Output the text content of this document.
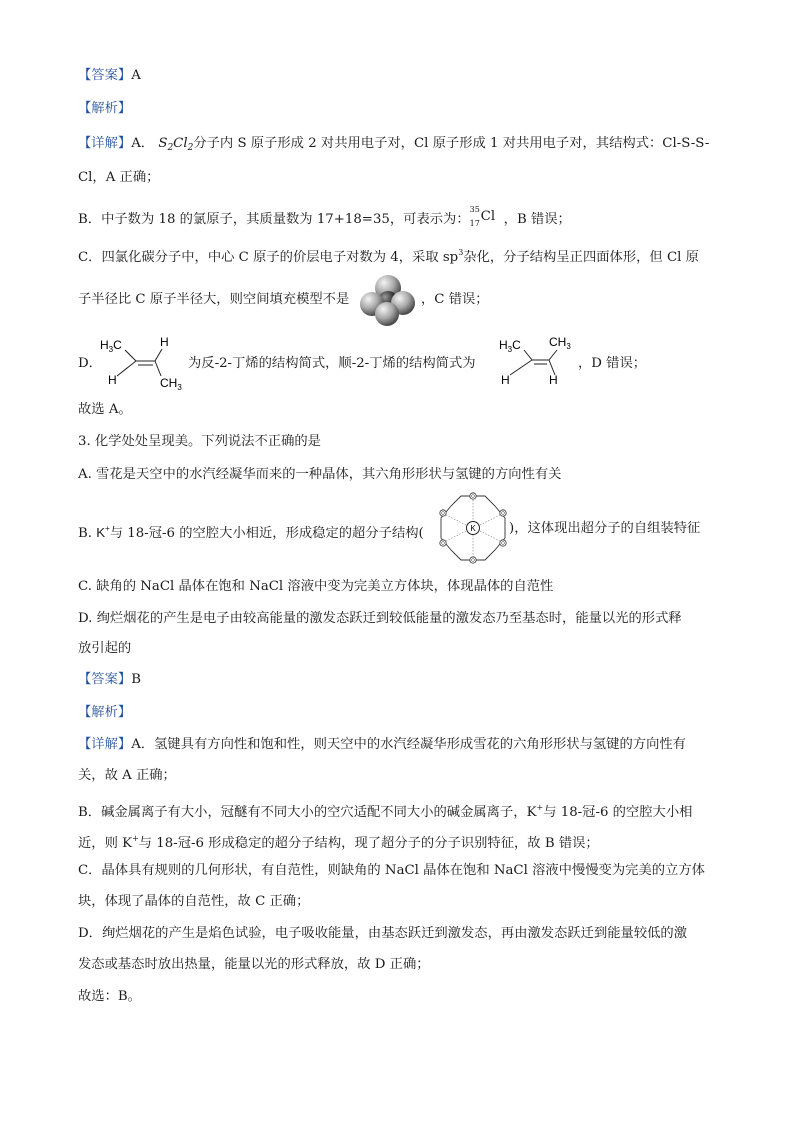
【答案】A
【解析】
【详解】A． $S_2Cl_2$分子内 S 原子形成 2 对共用电子对，Cl 原子形成 1 对共用电子对，其结构式：Cl-S-S-
Cl，A 正确；
B．中子数为 18 的氯原子，其质量数为 17+18=35，可表示为：
35
17 Cl ，B 错误；
C．四氯化碳分子中，中心 C 原子的价层电子对数为 4，采取 $sp^3$杂化，分子结构呈正四面体形，但 Cl 原
子半径比 C 原子半径大，则空间填充模型不是	，C 错误；
D．
$H_3C$	H
H	$CH_3$
为反-2-丁烯的结构简式，顺-2-丁烯的结构简式为
$H_3C$ $CH_3$
H	H
，D 错误；
故选 A。
3. 化学处处呈现美。下列说法不正确的是
A. 雪花是天空中的水汽经凝华而来的一种晶体，其六角形形状与氢键的方向性有关
B. K+与 18-冠-6 的空腔大小相近，形成稳定的超分子结构(
O
O
O
O
O
O
K	)，这体现出超分子的自组装特征
C. 缺角的 NaCl 晶体在饱和 NaCl 溶液中变为完美立方体块，体现晶体的自范性
D. 绚烂烟花的产生是电子由较高能量的激发态跃迁到较低能量的激发态乃至基态时，能量以光的形式释
放引起的
【答案】B
【解析】
【详解】A．氢键具有方向性和饱和性，则天空中的水汽经凝华形成雪花的六角形形状与氢键的方向性有
关，故 A 正确；
B．碱金属离子有大小，冠醚有不同大小的空穴适配不同大小的碱金属离子，K+与 18-冠-6 的空腔大小相
近，则 K+与 18-冠-6 形成稳定的超分子结构，现了超分子的分子识别特征，故 B 错误；
C．晶体具有规则的几何形状，有自范性，则缺角的 NaCl 晶体在饱和 NaCl 溶液中慢慢变为完美的立方体
块，体现了晶体的自范性，故 C 正确；
D．绚烂烟花的产生是焰色试验，电子吸收能量，由基态跃迁到激发态，再由激发态跃迁到能量较低的激
发态或基态时放出热量，能量以光的形式释放，故 D 正确；
故选：B。
